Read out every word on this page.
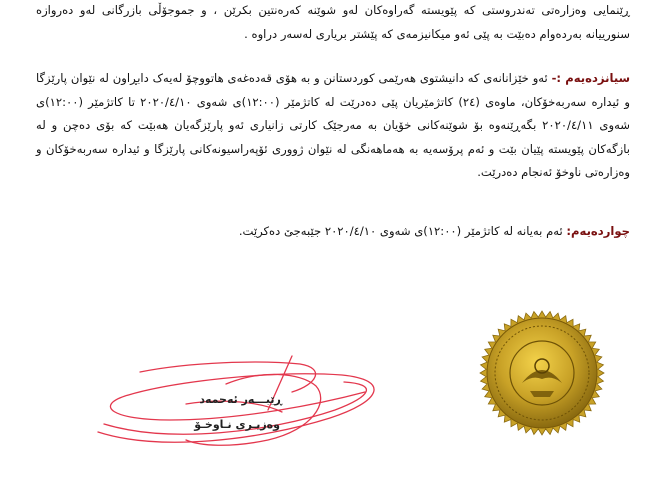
ڕێنمایی وەزارەتی تەندروستی کە پێویستە گەراوەکان لەو شوێنە کەرەنتین بکرێن ، و جموجۆڵی بازرگانی لەو دەروازە سنورییانە بەردەوام دەبێت بە پێی ئەو میکانیزمەی کە پێشتر بریاری لەسەر دراوە .

سیانزدەیەم :- ئەو خێزانانەی کە دانیشتوی هەرێمی کوردستانن و بە هۆی قەدەغەی هاتووچۆ لەیەک دابڕاون لە نێوان پارێزگا و ئیدارە سەربەخۆکان، ماوەی (٢٤) کاتژمێریان پێی دەدرێت لە کاتژمێر (١٢:٠٠)ی شەوی ٢٠٢٠/٤/١٠ تا کاتژمێر (١٢:٠٠)ی شەوی ٢٠٢٠/٤/١١ بگەڕێنەوە بۆ شوێنەکانی خۆیان بە مەرجێک کارتی زانیاری ئەو پارێزگەیان هەبێت کە بۆی دەچن و لە بازگەکان پێویستە پێیان بێت و ئەم پرۆسەیە بە هەماهەنگی لە نێوان ژووری ئۆپەراسیونەکانی پارێزگا و ئیدارە سەربەخۆکان و وەزارەتی ناوخۆ ئەنجام دەدرێت.

چواردەیەم: ئەم بەیانە لە کاتژمێر (١٢:٠٠)ی شەوی ٢٠٢٠/٤/١٠ جێبەجێ دەکرێت.

ڕێبـــەر ئەحمەد
وەزیـری نـاوخـۆ
